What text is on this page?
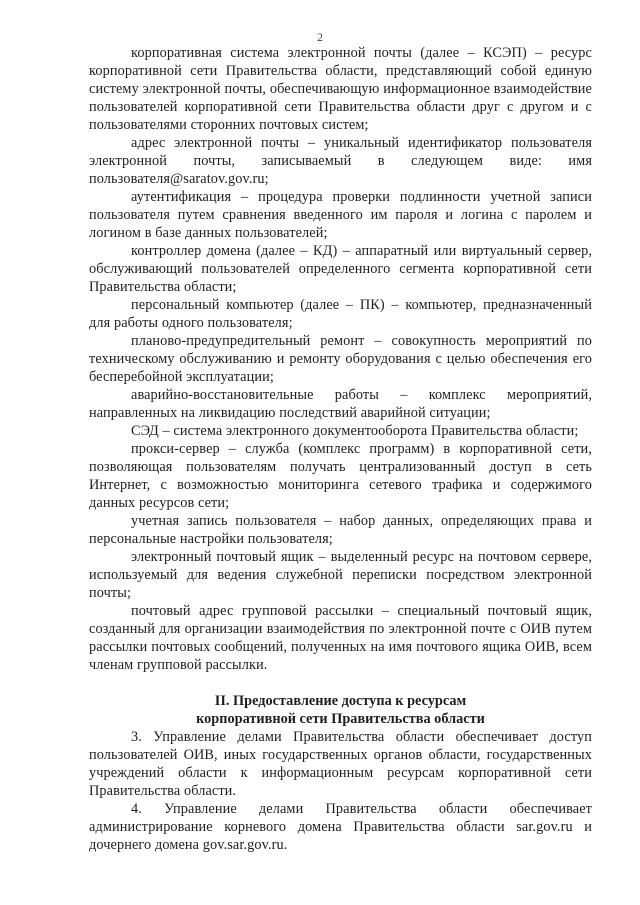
2

корпоративная система электронной почты (далее – КСЭП) – ресурс корпоративной сети Правительства области, представляющий собой единую систему электронной почты, обеспечивающую информационное взаимодействие пользователей корпоративной сети Правительства области друг с другом и с пользователями сторонних почтовых систем;

адрес электронной почты – уникальный идентификатор пользователя электронной почты, записываемый в следующем виде: имя пользователя@saratov.gov.ru;

аутентификация – процедура проверки подлинности учетной записи пользователя путем сравнения введенного им пароля и логина с паролем и логином в базе данных пользователей;

контроллер домена (далее – КД) – аппаратный или виртуальный сервер, обслуживающий пользователей определенного сегмента корпоративной сети Правительства области;

персональный компьютер (далее – ПК) – компьютер, предназначенный для работы одного пользователя;

планово-предупредительный ремонт – совокупность мероприятий по техническому обслуживанию и ремонту оборудования с целью обеспечения его бесперебойной эксплуатации;

аварийно-восстановительные работы – комплекс мероприятий, направленных на ликвидацию последствий аварийной ситуации;

СЭД – система электронного документооборота Правительства области;

прокси-сервер – служба (комплекс программ) в корпоративной сети, позволяющая пользователям получать централизованный доступ в сеть Интернет, с возможностью мониторинга сетевого трафика и содержимого данных ресурсов сети;

учетная запись пользователя – набор данных, определяющих права и персональные настройки пользователя;

электронный почтовый ящик – выделенный ресурс на почтовом сервере, используемый для ведения служебной переписки посредством электронной почты;

почтовый адрес групповой рассылки – специальный почтовый ящик, созданный для организации взаимодействия по электронной почте с ОИВ путем рассылки почтовых сообщений, полученных на имя почтового ящика ОИВ, всем членам групповой рассылки.

II. Предоставление доступа к ресурсам
корпоративной сети Правительства области

3. Управление делами Правительства области обеспечивает доступ пользователей ОИВ, иных государственных органов области, государственных учреждений области к информационным ресурсам корпоративной сети Правительства области.

4. Управление делами Правительства области обеспечивает администрирование корневого домена Правительства области sar.gov.ru и дочернего домена gov.sar.gov.ru.
